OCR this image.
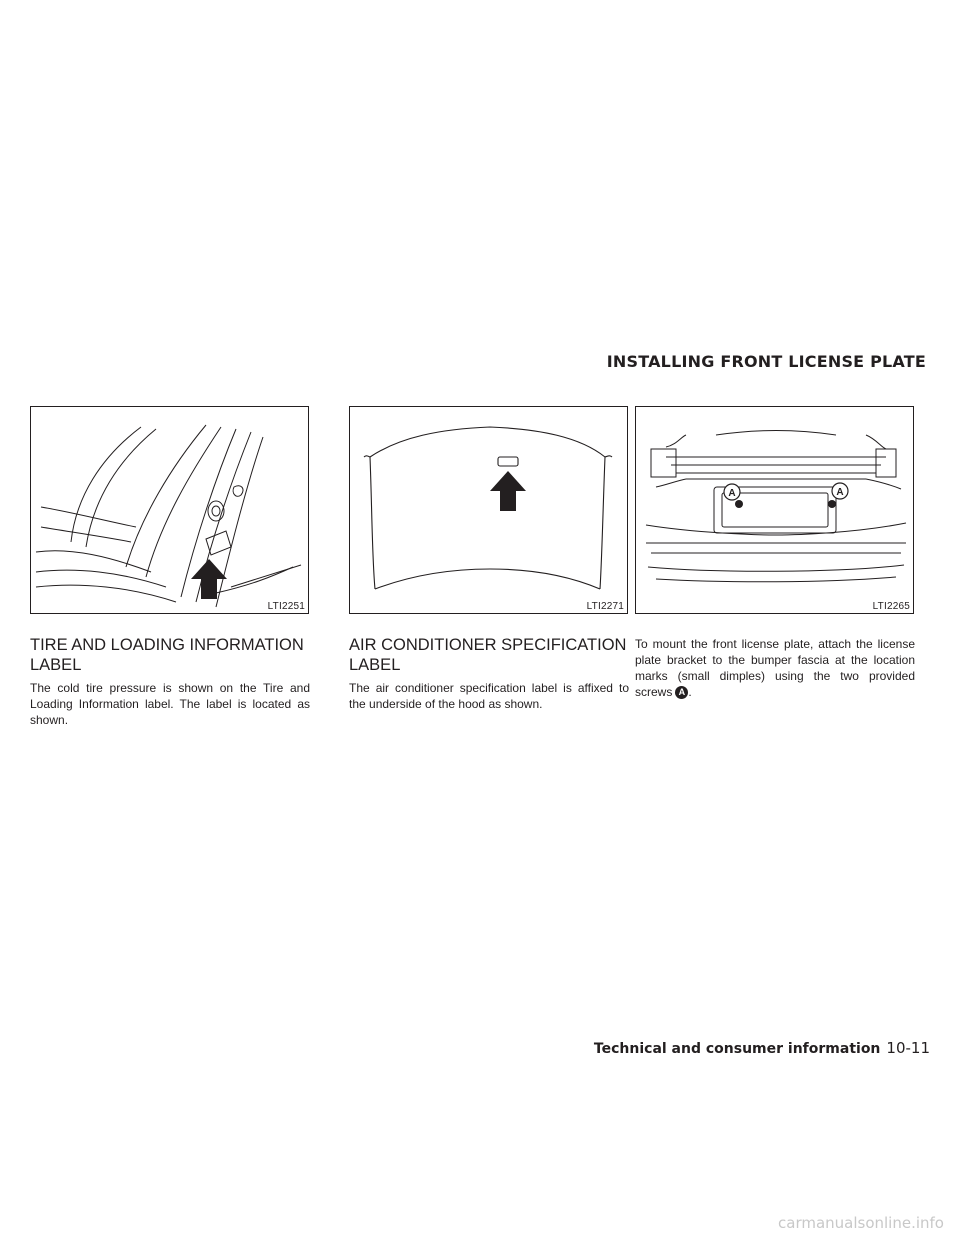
INSTALLING FRONT LICENSE PLATE
LTI2251	LTI2271
A	A
LTI2265
TIRE AND LOADING INFORMATION LABEL
The cold tire pressure is shown on the Tire and Loading Information label. The label is located as shown.
AIR CONDITIONER SPECIFICATION LABEL
The air conditioner specification label is affixed to the underside of the hood as shown.
To mount the front license plate, attach the license plate bracket to the bumper fascia at the location marks (small dimples) using the two provided screws A .
Technical and consumer information 10-11
carmanualsonline.info
